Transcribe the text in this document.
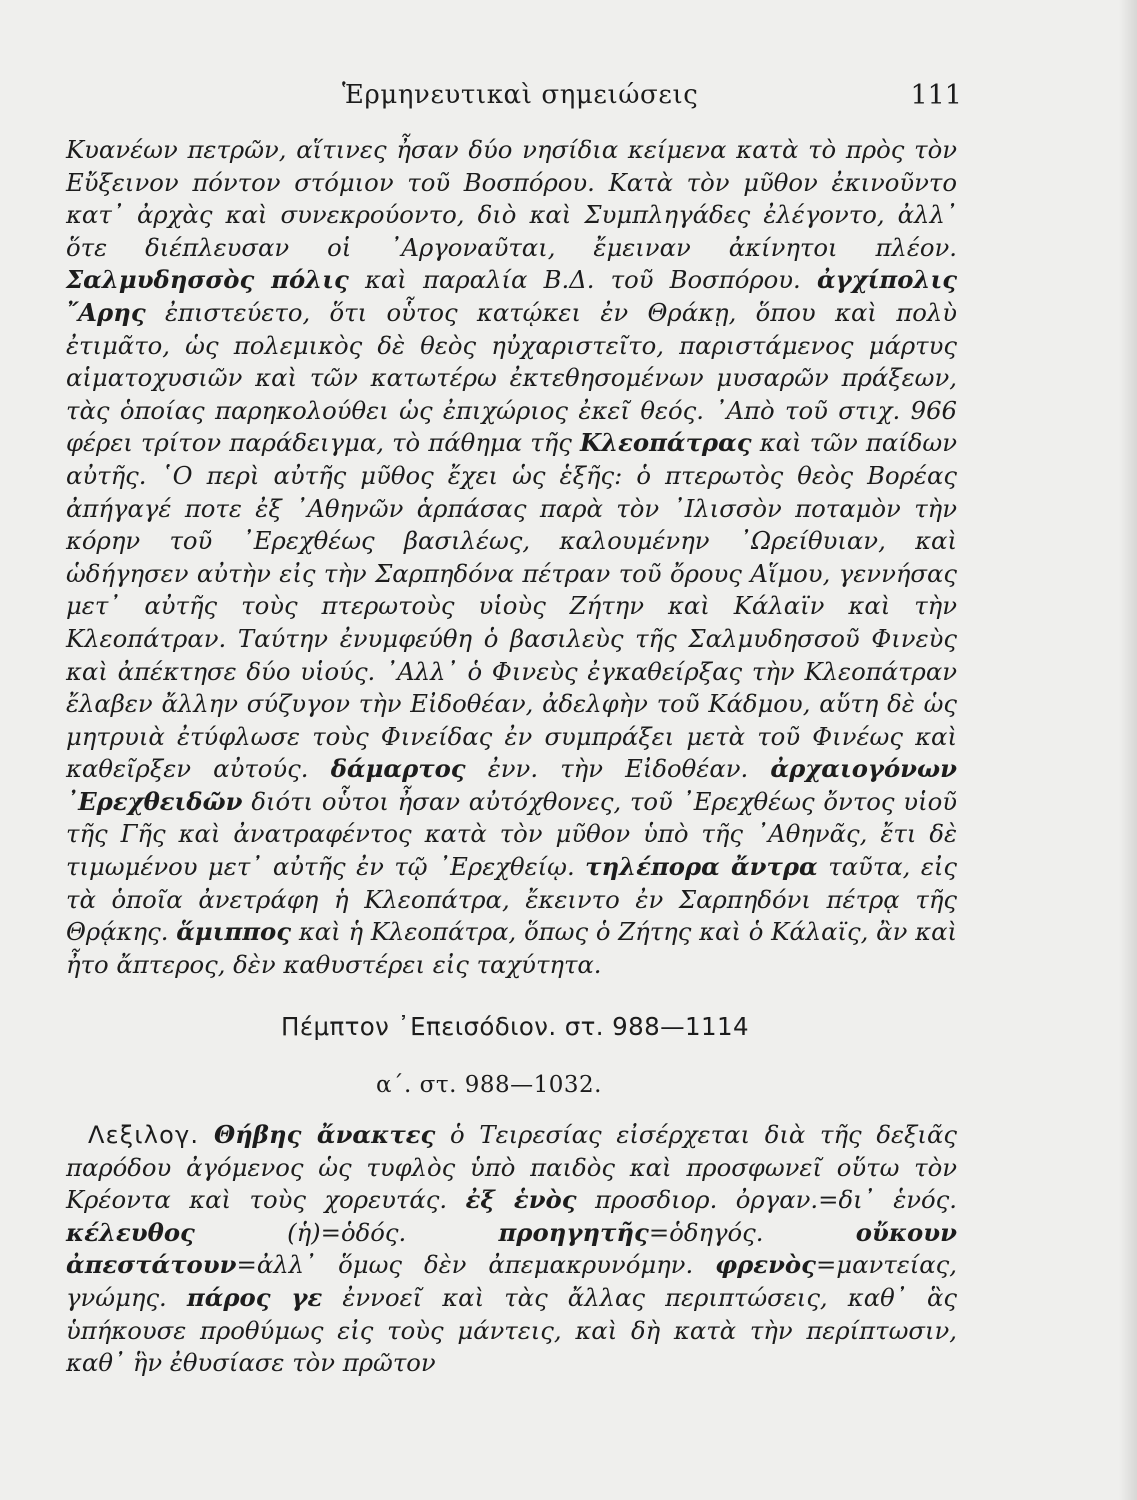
Ἑρμηνευτικαὶ σημειώσεις	111

Κυανέων πετρῶν, αἵτινες ἦσαν δύο νησίδια κείμενα κατὰ τὸ πρὸς τὸν Εὔξεινον πόντον στόμιον τοῦ Βοσπόρου. Κατὰ τὸν μῦθον ἐκινοῦντο κατ᾿ ἀρχὰς καὶ συνεκρούοντο, διὸ καὶ Συμπληγάδες ἐλέγοντο, ἀλλ᾿ ὅτε διέπλευσαν οἱ ᾿Αργοναῦται, ἔμειναν ἀκίνητοι πλέον. Σαλμυδησσὸς πόλις καὶ παραλία Β.Δ. τοῦ Βοσπόρου. ἀγχίπολις ῎Αρης ἐπιστεύετο, ὅτι οὗτος κατῴκει ἐν Θράκῃ, ὅπου καὶ πολὺ ἐτιμᾶτο, ὡς πολεμικὸς δὲ θεὸς ηὐχαριστεῖτο, παριστάμενος μάρτυς αἱματοχυσιῶν καὶ τῶν κατωτέρω ἐκτεθησομένων μυσαρῶν πράξεων, τὰς ὁποίας παρηκολούθει ὡς ἐπιχώριος ἐκεῖ θεός. ᾿Απὸ τοῦ στιχ. 966 φέρει τρίτον παράδειγμα, τὸ πάθημα τῆς Κλεοπάτρας καὶ τῶν παίδων αὐτῆς. ῾Ο περὶ αὐτῆς μῦθος ἔχει ὡς ἑξῆς: ὁ πτερωτὸς θεὸς Βορέας ἀπήγαγέ ποτε ἐξ ᾿Αθηνῶν ἁρπάσας παρὰ τὸν ᾿Ιλισσὸν ποταμὸν τὴν κόρην τοῦ ᾿Ερεχθέως βασιλέως, καλουμένην ᾿Ωρείθυιαν, καὶ ὡδήγησεν αὐτὴν εἰς τὴν Σαρπηδόνα πέτραν τοῦ ὄρους Αἵμου, γεννήσας μετ᾿ αὐτῆς τοὺς πτερωτοὺς υἱοὺς Ζήτην καὶ Κάλαϊν καὶ τὴν Κλεοπάτραν. Ταύτην ἐνυμφεύθη ὁ βασιλεὺς τῆς Σαλμυδησσοῦ Φινεὺς καὶ ἀπέκτησε δύο υἱούς. ᾿Αλλ᾿ ὁ Φινεὺς ἐγκαθείρξας τὴν Κλεοπάτραν ἔλαβεν ἄλλην σύζυγον τὴν Εἰδοθέαν, ἀδελφὴν τοῦ Κάδμου, αὕτη δὲ ὡς μητρυιὰ ἐτύφλωσε τοὺς Φινείδας ἐν συμπράξει μετὰ τοῦ Φινέως καὶ καθεῖρξεν αὐτούς. δάμαρτος ἐνν. τὴν Εἰδοθέαν. ἀρχαιογόνων ᾿Ερεχθειδῶν διότι οὗτοι ἦσαν αὐτόχθονες, τοῦ ᾿Ερεχθέως ὄντος υἱοῦ τῆς Γῆς καὶ ἀνατραφέντος κατὰ τὸν μῦθον ὑπὸ τῆς ᾿Αθηνᾶς, ἔτι δὲ τιμωμένου μετ᾿ αὐτῆς ἐν τῷ ᾿Ερεχθείῳ. τηλέπορα ἄντρα ταῦτα, εἰς τὰ ὁποῖα ἀνετράφη ἡ Κλεοπάτρα, ἔκειντο ἐν Σαρπηδόνι πέτρᾳ τῆς Θρᾴκης. ἅμιππος καὶ ἡ Κλεοπάτρα, ὅπως ὁ Ζήτης καὶ ὁ Κάλαϊς, ἂν καὶ ἦτο ἄπτερος, δὲν καθυστέρει εἰς ταχύτητα.

Πέμπτον ᾿Επεισόδιον. στ. 988—1114
α΄. στ. 988—1032.

Λεξιλογ. Θήβης ἄνακτες ὁ Τειρεσίας εἰσέρχεται διὰ τῆς δεξιᾶς παρόδου ἀγόμενος ὡς τυφλὸς ὑπὸ παιδὸς καὶ προσφωνεῖ οὕτω τὸν Κρέοντα καὶ τοὺς χορευτάς. ἐξ ἑνὸς προσδιορ. ὀργαν.=δι᾿ ἑνός. κέλευθος	(ἡ)=ὁδός.	προηγητῆς=ὁδηγός.	οὔκουν ἀπεστάτουν=ἀλλ᾿ ὅμως δὲν ἀπεμακρυνόμην. φρενὸς=μαντείας, γνώμης. πάρος γε ἐννοεῖ καὶ τὰς ἄλλας περιπτώσεις, καθ᾿ ἃς ὑπήκουσε προθύμως εἰς τοὺς μάντεις, καὶ δὴ κατὰ τὴν περίπτωσιν, καθ᾿ ἣν ἐθυσίασε τὸν πρῶτον
